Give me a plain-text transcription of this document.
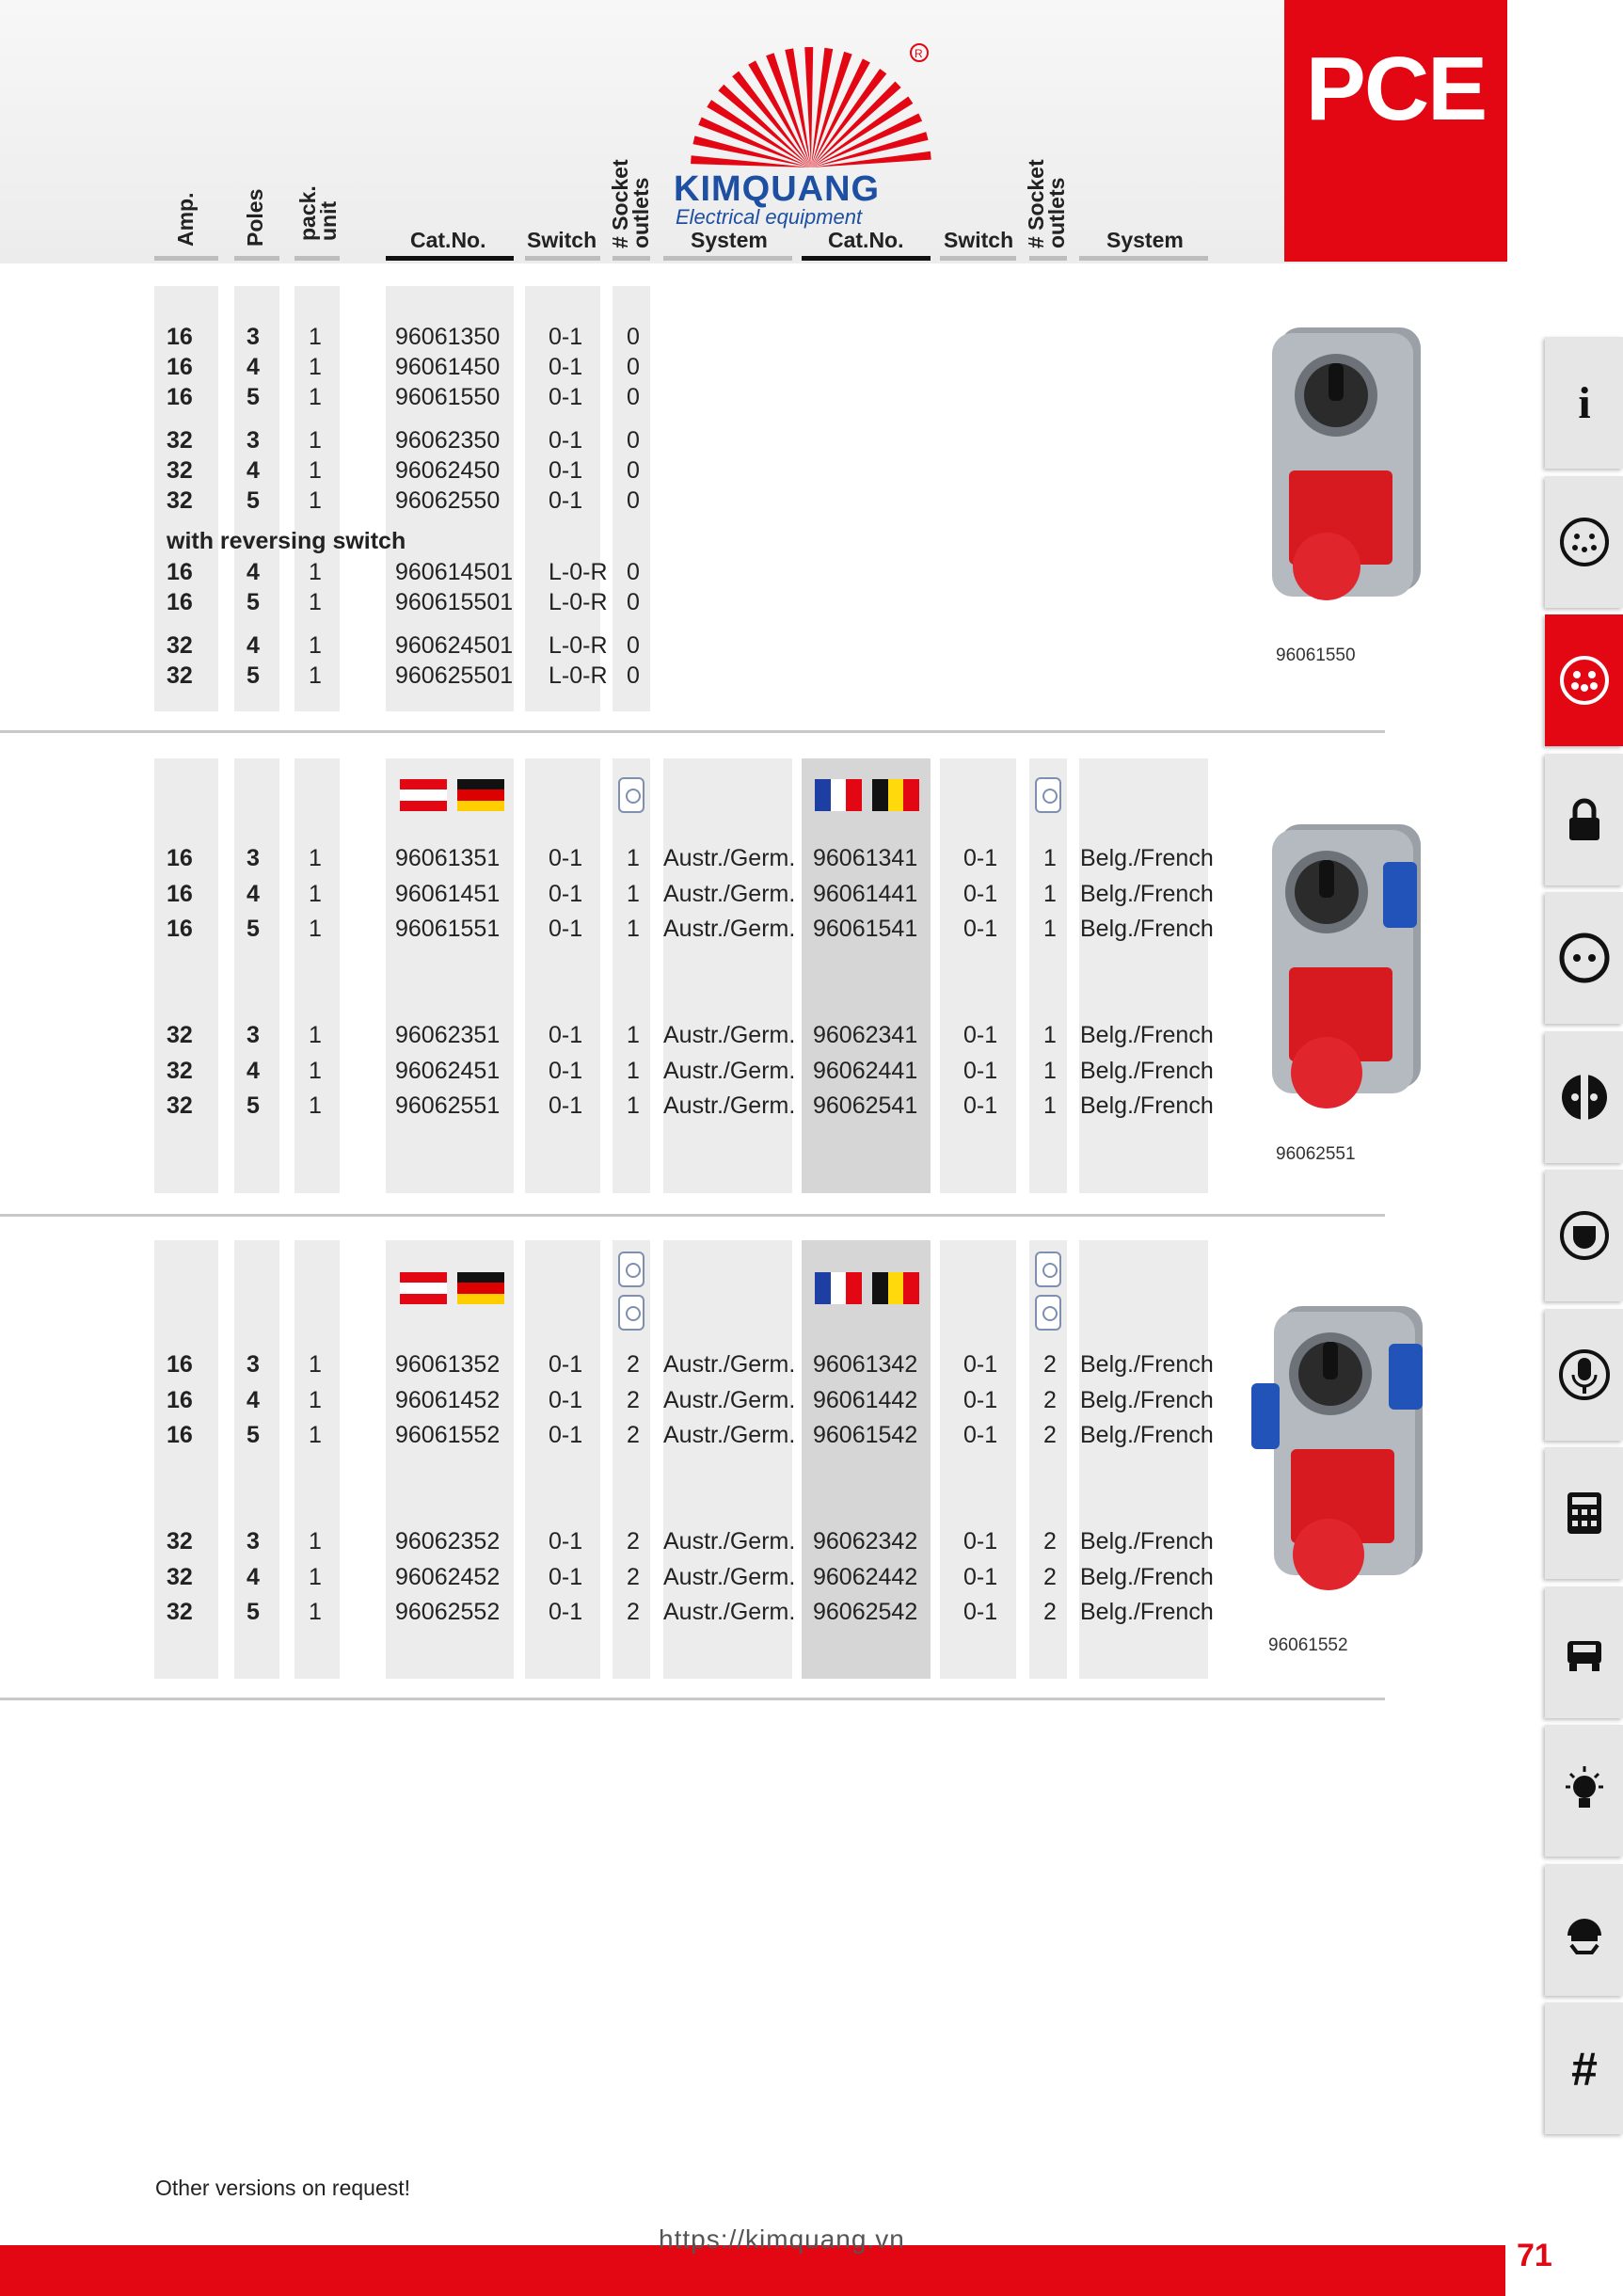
PCE
R
KIMQUANG
Electrical equipment
Amp. Poles pack. unit	Cat.No. Switch # Socket outlets System	Cat.No. Switch # Socket outlets System
16 3 1	96061350 0-1 0
16 4 1	96061450 0-1 0
16 5 1	96061550 0-1 0
32 3 1	96062350 0-1 0
32 4 1	96062450 0-1 0
32 5 1	96062550 0-1 0
16 4 1	960614501 L-0-R 0
16 5 1	960615501 L-0-R 0
32 4 1	960624501 L-0-R 0
32 5 1	960625501 L-0-R 0
with reversing switch
16 3 1	96061351 0-1 1 Austr./Germ. 96061341 0-1 1 Belg./French
16 4 1	96061451 0-1 1 Austr./Germ. 96061441 0-1 1 Belg./French
16 5 1	96061551 0-1 1 Austr./Germ. 96061541 0-1 1 Belg./French
32 3 1	96062351 0-1 1 Austr./Germ. 96062341 0-1 1 Belg./French
32 4 1	96062451 0-1 1 Austr./Germ. 96062441 0-1 1 Belg./French
32 5 1	96062551 0-1 1 Austr./Germ. 96062541 0-1 1 Belg./French
16 3 1	96061352 0-1 2 Austr./Germ. 96061342 0-1 2 Belg./French
16 4 1	96061452 0-1 2 Austr./Germ. 96061442 0-1 2 Belg./French
16 5 1	96061552 0-1 2 Austr./Germ. 96061542 0-1 2 Belg./French
32 3 1	96062352 0-1 2 Austr./Germ. 96062342 0-1 2 Belg./French
32 4 1	96062452 0-1 2 Austr./Germ. 96062442 0-1 2 Belg./French
32 5 1	96062552 0-1 2 Austr./Germ. 96062542 0-1 2 Belg./French
96061550
96062551
96061552
i
#
Other versions on request!
https://kimquang.vn	71
